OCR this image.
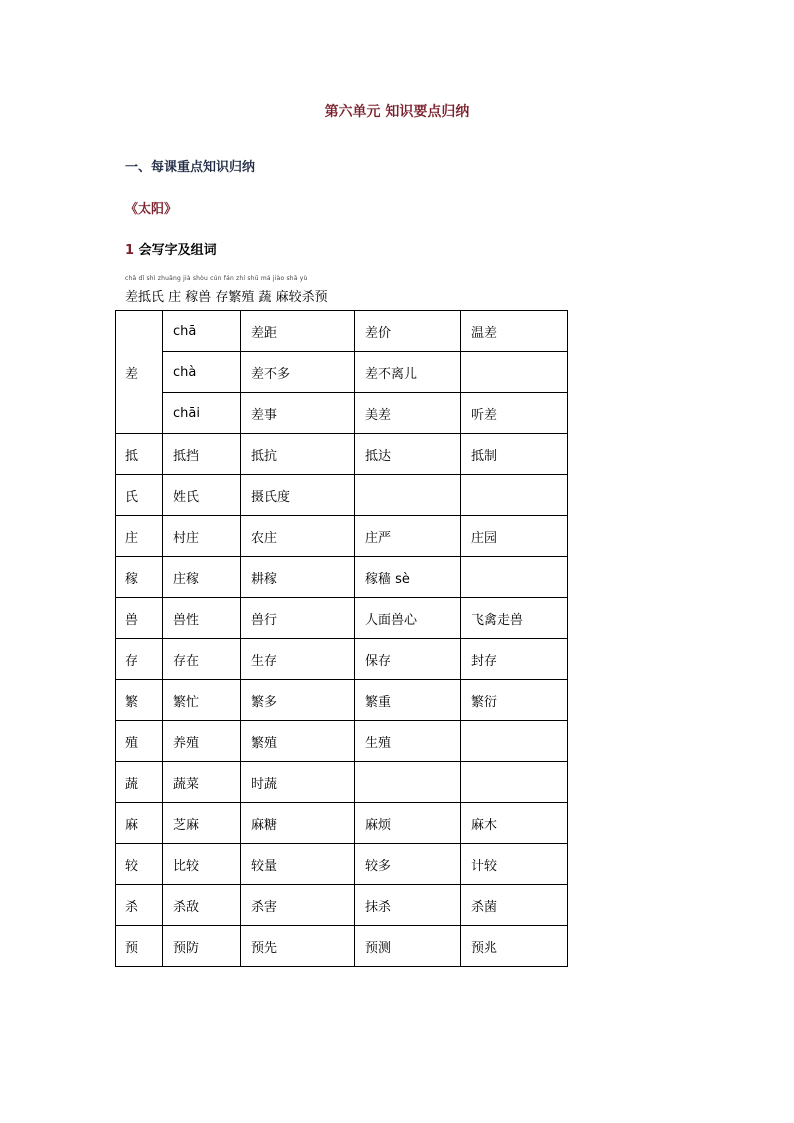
第六单元 知识要点归纳
一、每课重点知识归纳
《太阳》
1 会写字及组词
chā dǐ shì zhuāng jià shòu cún fán zhí shū má jiào shā yù
差抵氏 庄 稼兽 存繁殖 蔬 麻较杀预
差	chā	差距	差价	温差
	chà	差不多	差不离儿	
	chāi	差事	美差	听差
抵	抵挡	抵抗	抵达	抵制
氏	姓氏	摄氏度		
庄	村庄	农庄	庄严	庄园
稼	庄稼	耕稼	稼穑 sè	
兽	兽性	兽行	人面兽心	飞禽走兽
存	存在	生存	保存	封存
繁	繁忙	繁多	繁重	繁衍
殖	养殖	繁殖	生殖	
蔬	蔬菜	时蔬		
麻	芝麻	麻糖	麻烦	麻木
较	比较	较量	较多	计较
杀	杀敌	杀害	抹杀	杀菌
预	预防	预先	预测	预兆
